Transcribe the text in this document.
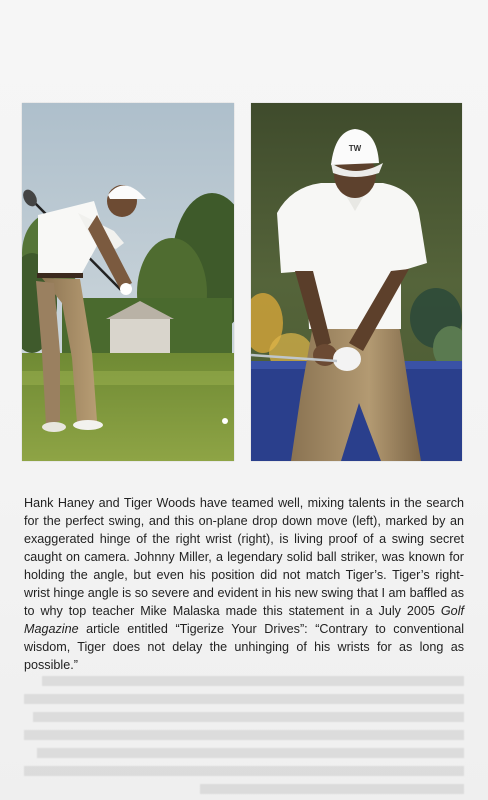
TW

Hank Haney and Tiger Woods have teamed well, mixing talents in the search for the perfect swing, and this on-plane drop down move (left), marked by an exaggerated hinge of the right wrist (right), is living proof of a swing secret caught on camera. Johnny Miller, a legendary solid ball striker, was known for holding the angle, but even his position did not match Tiger’s. Tiger’s right-wrist hinge angle is so severe and evident in his new swing that I am baffled as to why top teacher Mike Malaska made this statement in a July 2005 Golf Magazine article entitled “Tigerize Your Drives”: “Contrary to conventional wisdom, Tiger does not delay the unhinging of his wrists for as long as possible.”
